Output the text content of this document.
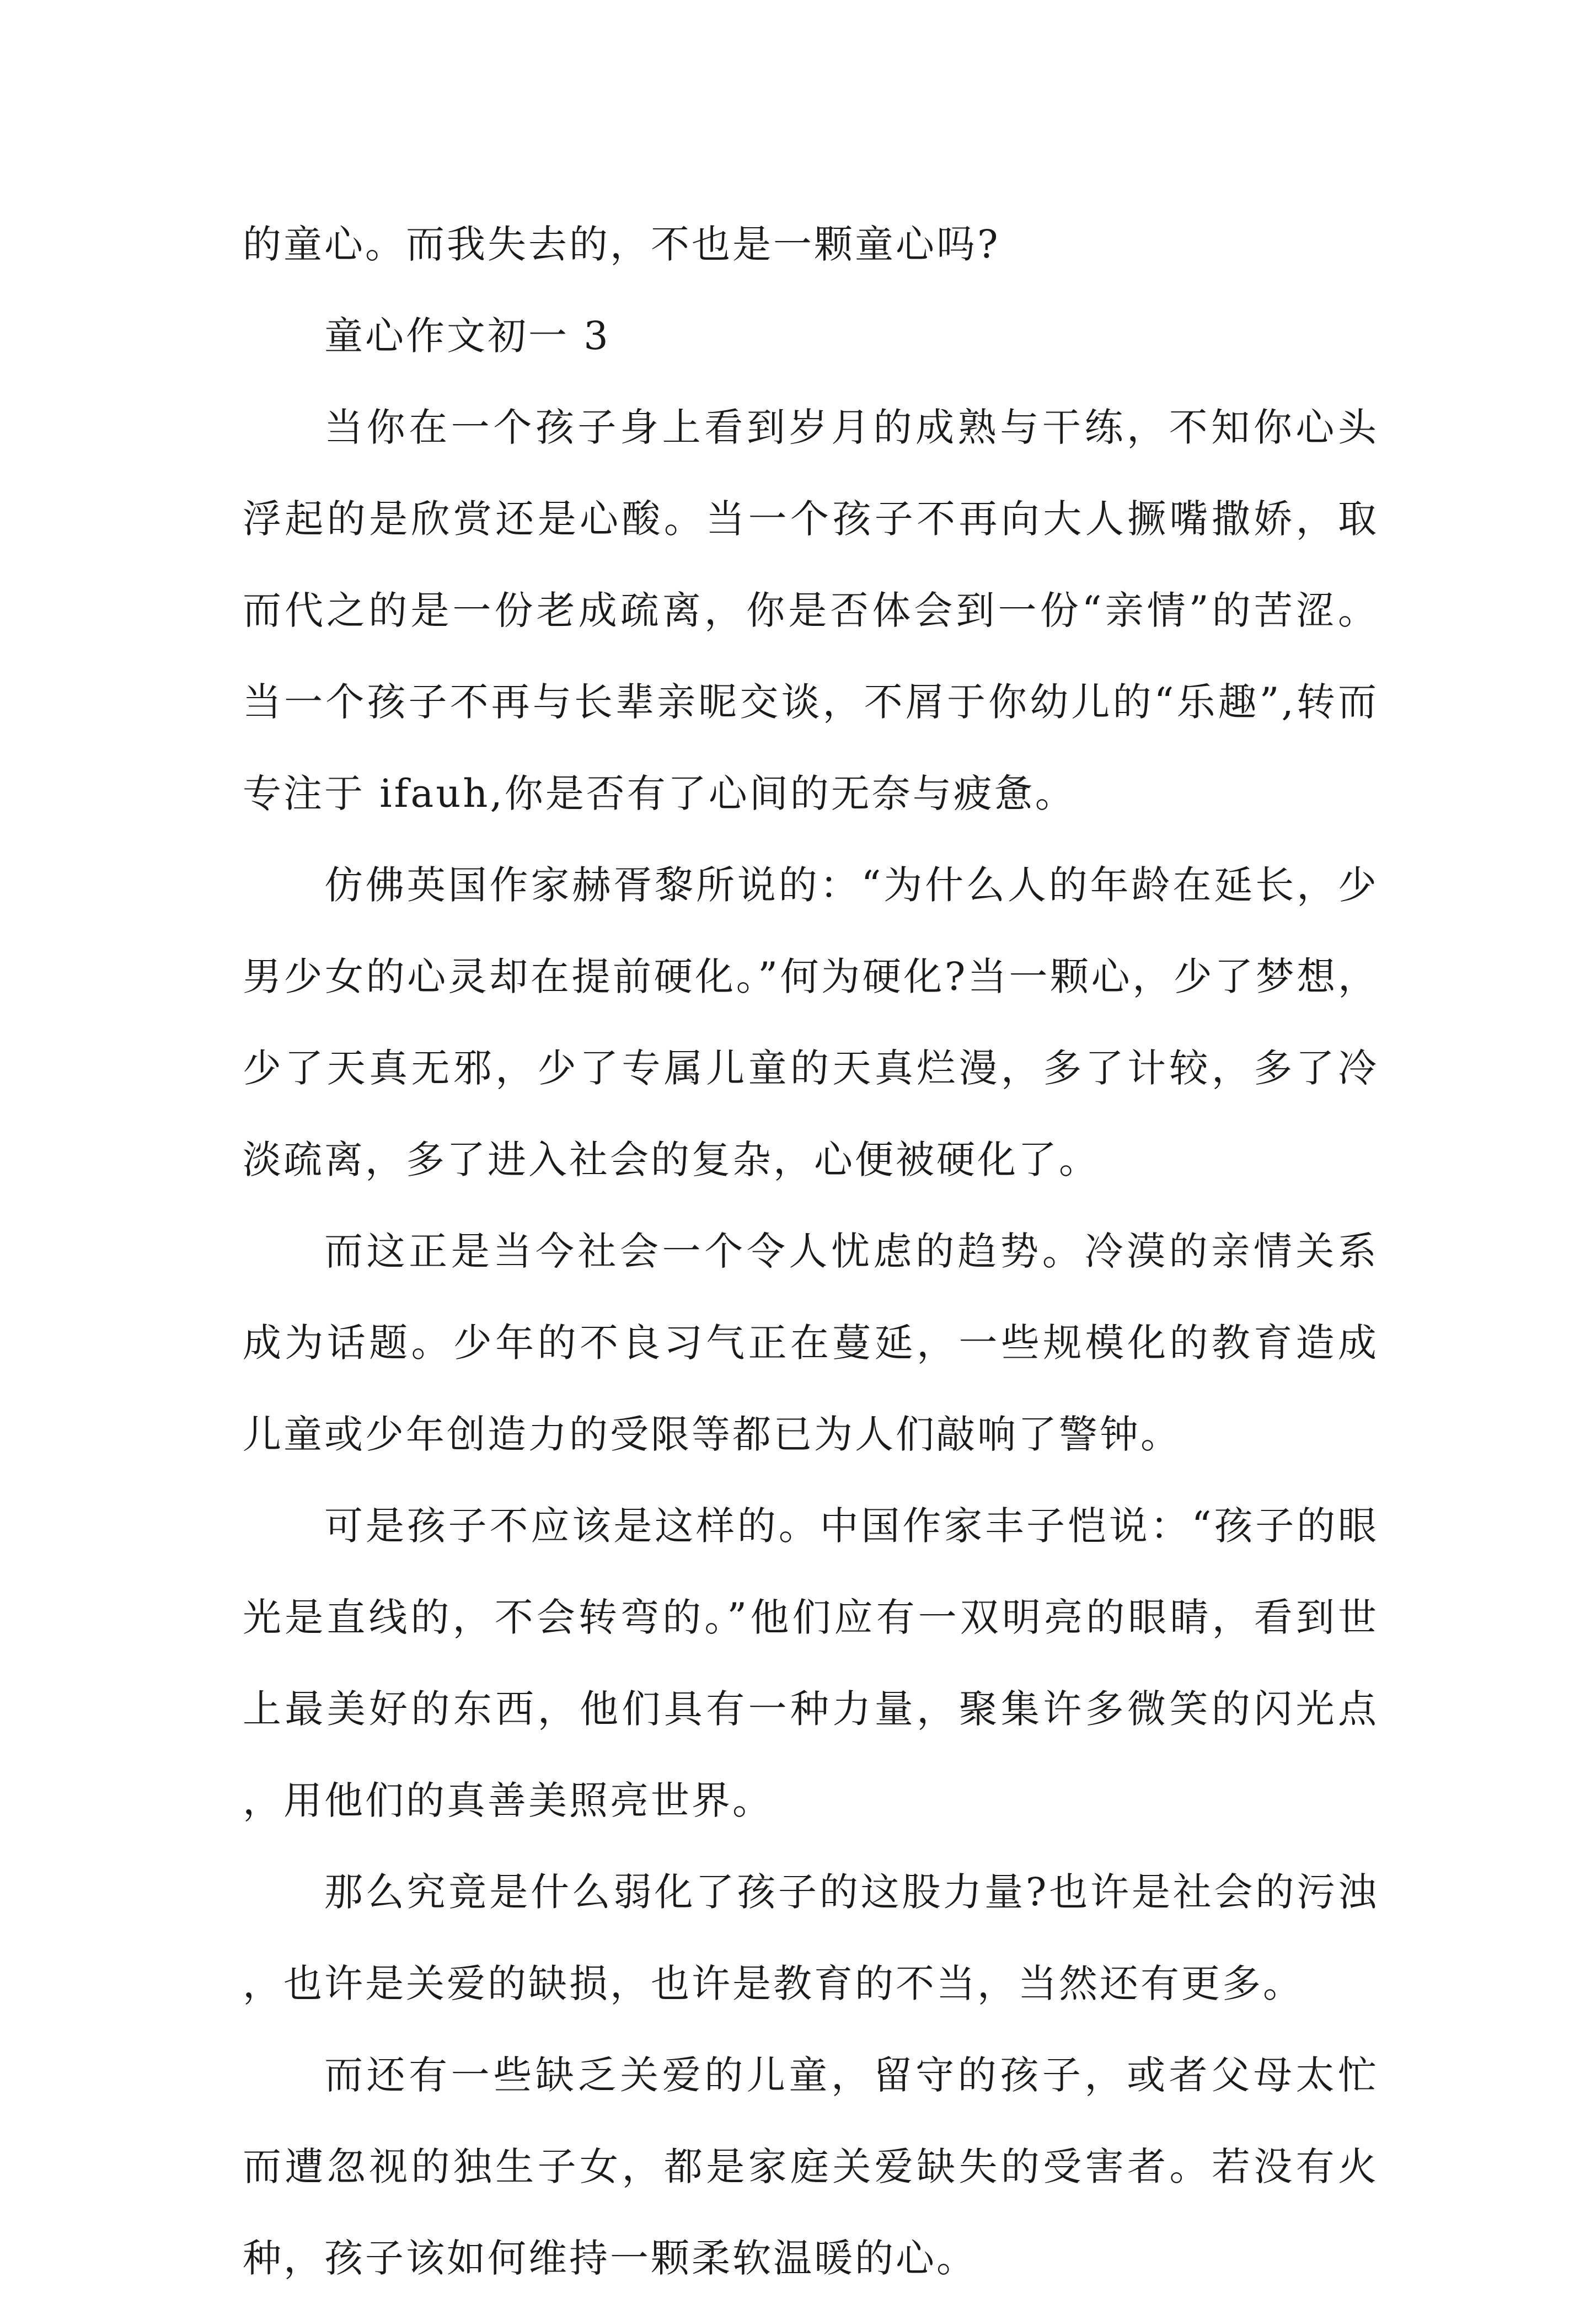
的童心。而我失去的，不也是一颗童心吗?

童心作文初一 3

当你在一个孩子身上看到岁月的成熟与干练，不知你心头浮起的是欣赏还是心酸。当一个孩子不再向大人撅嘴撒娇，取而代之的是一份老成疏离，你是否体会到一份“亲情”的苦涩。当一个孩子不再与长辈亲昵交谈，不屑于你幼儿的“乐趣”,转而专注于 ifauh,你是否有了心间的无奈与疲惫。

仿佛英国作家赫胥黎所说的：“为什么人的年龄在延长，少男少女的心灵却在提前硬化。”何为硬化?当一颗心，少了梦想，少了天真无邪，少了专属儿童的天真烂漫，多了计较，多了冷淡疏离，多了进入社会的复杂，心便被硬化了。

而这正是当今社会一个令人忧虑的趋势。冷漠的亲情关系成为话题。少年的不良习气正在蔓延，一些规模化的教育造成儿童或少年创造力的受限等都已为人们敲响了警钟。

可是孩子不应该是这样的。中国作家丰子恺说：“孩子的眼光是直线的，不会转弯的。”他们应有一双明亮的眼睛，看到世上最美好的东西，他们具有一种力量，聚集许多微笑的闪光点，用他们的真善美照亮世界。

那么究竟是什么弱化了孩子的这股力量?也许是社会的污浊，也许是关爱的缺损，也许是教育的不当，当然还有更多。

而还有一些缺乏关爱的儿童，留守的孩子，或者父母太忙而遭忽视的独生子女，都是家庭关爱缺失的受害者。若没有火种，孩子该如何维持一颗柔软温暖的心。
